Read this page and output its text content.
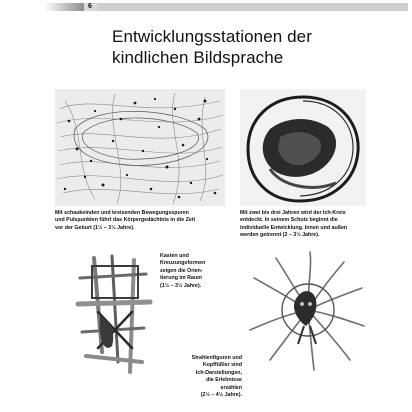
6
Entwicklungsstationen der
kindlichen Bildsprache
Mit schaukelnden und kreisenden Bewegungsspuren
und Pulspunkten führt das Körpergedächtnis in die Zeit
vor der Geburt (1½ – 3½ Jahre).
Mit zwei bis drei Jahren wird der Ich-Kreis
entdeckt. In seinem Schutz beginnt die
individuelle Entwicklung. Innen und außen
werden getrennt (2 – 3½ Jahre).
Kasten und
Kreuzungsformen
zeigen die Orien-
tierung im Raum
(1½ – 3½ Jahre).
Strahlenfiguren und
Kopffüßler sind
Ich-Darstellungen,
die Erlebnisse
erzählen
(2½ – 4½ Jahre).
